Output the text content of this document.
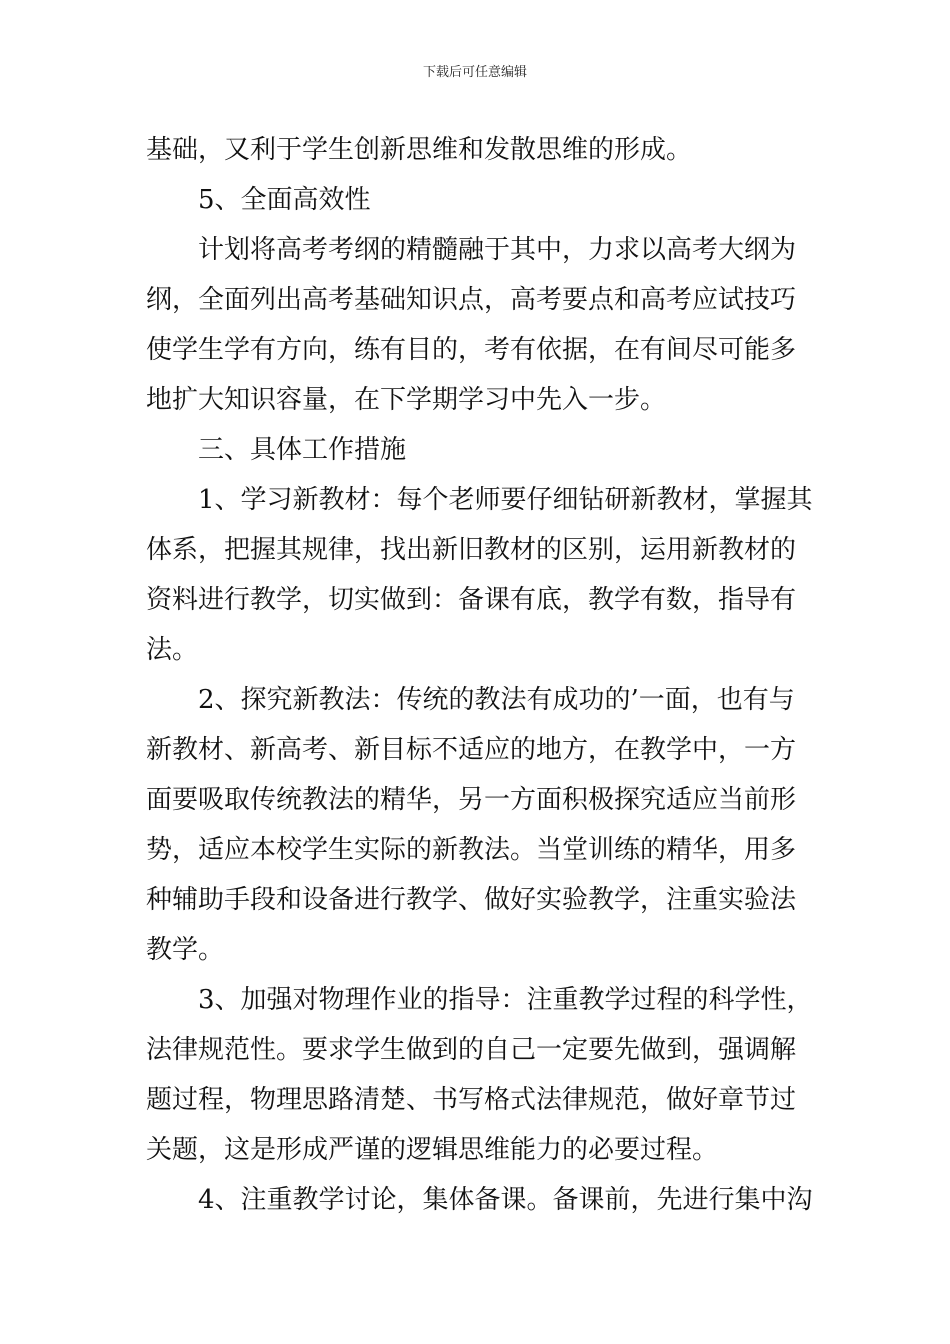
下载后可任意编辑
基础，又利于学生创新思维和发散思维的形成。
5、全面高效性
计划将高考考纲的精髓融于其中，力求以高考大纲为
纲，全面列出高考基础知识点，高考要点和高考应试技巧
使学生学有方向，练有目的，考有依据，在有间尽可能多
地扩大知识容量，在下学期学习中先入一步。
三、具体工作措施
1、学习新教材：每个老师要仔细钻研新教材，掌握其
体系，把握其规律，找出新旧教材的区别，运用新教材的
资料进行教学，切实做到：备课有底，教学有数，指导有
法。
2、探究新教法：传统的教法有成功的’一面，也有与
新教材、新高考、新目标不适应的地方，在教学中，一方
面要吸取传统教法的精华，另一方面积极探究适应当前形
势，适应本校学生实际的新教法。当堂训练的精华，用多
种辅助手段和设备进行教学、做好实验教学，注重实验法
教学。
3、加强对物理作业的指导：注重教学过程的科学性，
法律规范性。要求学生做到的自己一定要先做到，强调解
题过程，物理思路清楚、书写格式法律规范，做好章节过
关题，这是形成严谨的逻辑思维能力的必要过程。
4、注重教学讨论，集体备课。备课前，先进行集中沟
